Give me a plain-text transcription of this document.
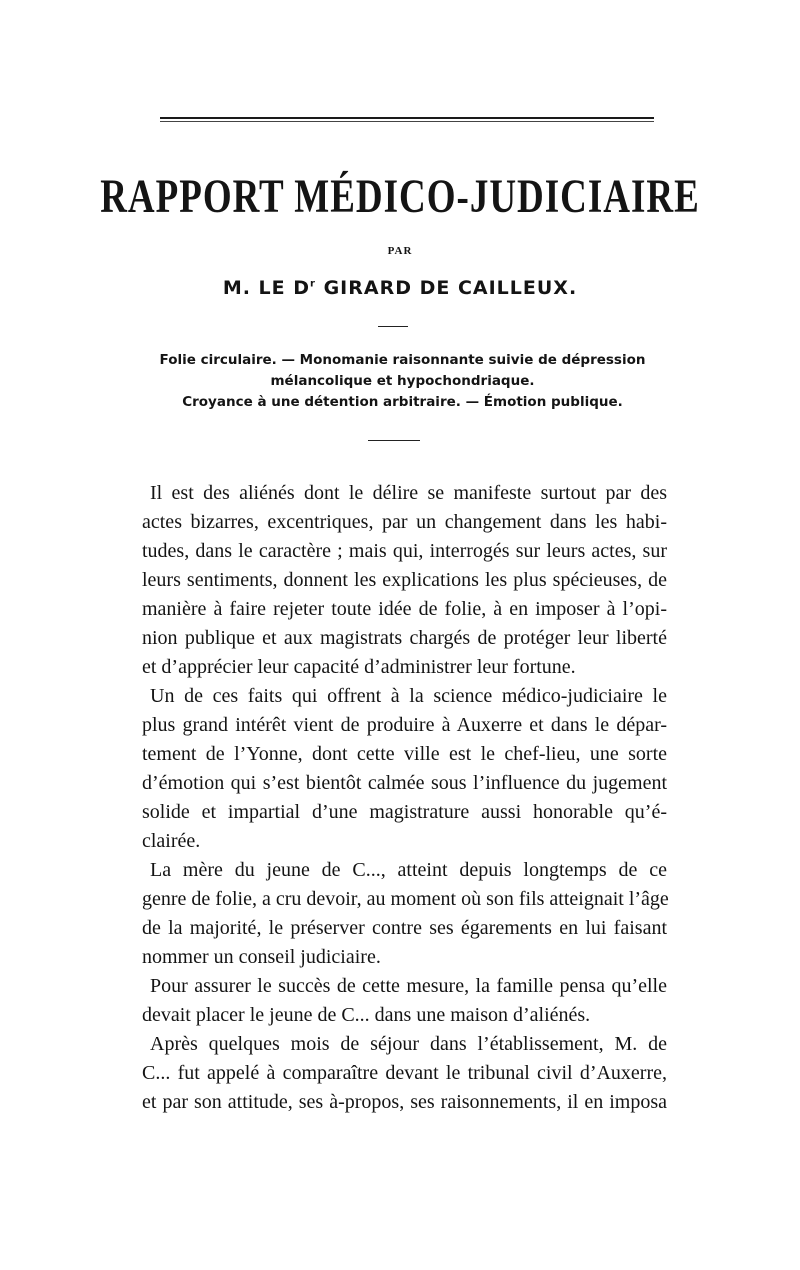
RAPPORT MÉDICO-JUDICIAIRE
PAR
M. LE $D^r$ GIRARD DE CAILLEUX.
Folie circulaire. — Monomanie raisonnante suivie de dépression
mélancolique et hypochondriaque.
Croyance à une détention arbitraire. — Émotion publique.
Il est des aliénés dont le délire se manifeste surtout par des
actes bizarres, excentriques, par un changement dans les habi-
tudes, dans le caractère ; mais qui, interrogés sur leurs actes, sur
leurs sentiments, donnent les explications les plus spécieuses, de
manière à faire rejeter toute idée de folie, à en imposer à l’opi-
nion publique et aux magistrats chargés de protéger leur liberté
et d’apprécier leur capacité d’administrer leur fortune.
Un de ces faits qui offrent à la science médico-judiciaire le
plus grand intérêt vient de produire à Auxerre et dans le dépar-
tement de l’Yonne, dont cette ville est le chef-lieu, une sorte
d’émotion qui s’est bientôt calmée sous l’influence du jugement
solide et impartial d’une magistrature aussi honorable qu’é-
clairée.
La mère du jeune de C..., atteint depuis longtemps de ce
genre de folie, a cru devoir, au moment où son fils atteignait l’âge
de la majorité, le préserver contre ses égarements en lui faisant
nommer un conseil judiciaire.
Pour assurer le succès de cette mesure, la famille pensa qu’elle
devait placer le jeune de C... dans une maison d’aliénés.
Après quelques mois de séjour dans l’établissement, M. de
C... fut appelé à comparaître devant le tribunal civil d’Auxerre,
et par son attitude, ses à-propos, ses raisonnements, il en imposa
